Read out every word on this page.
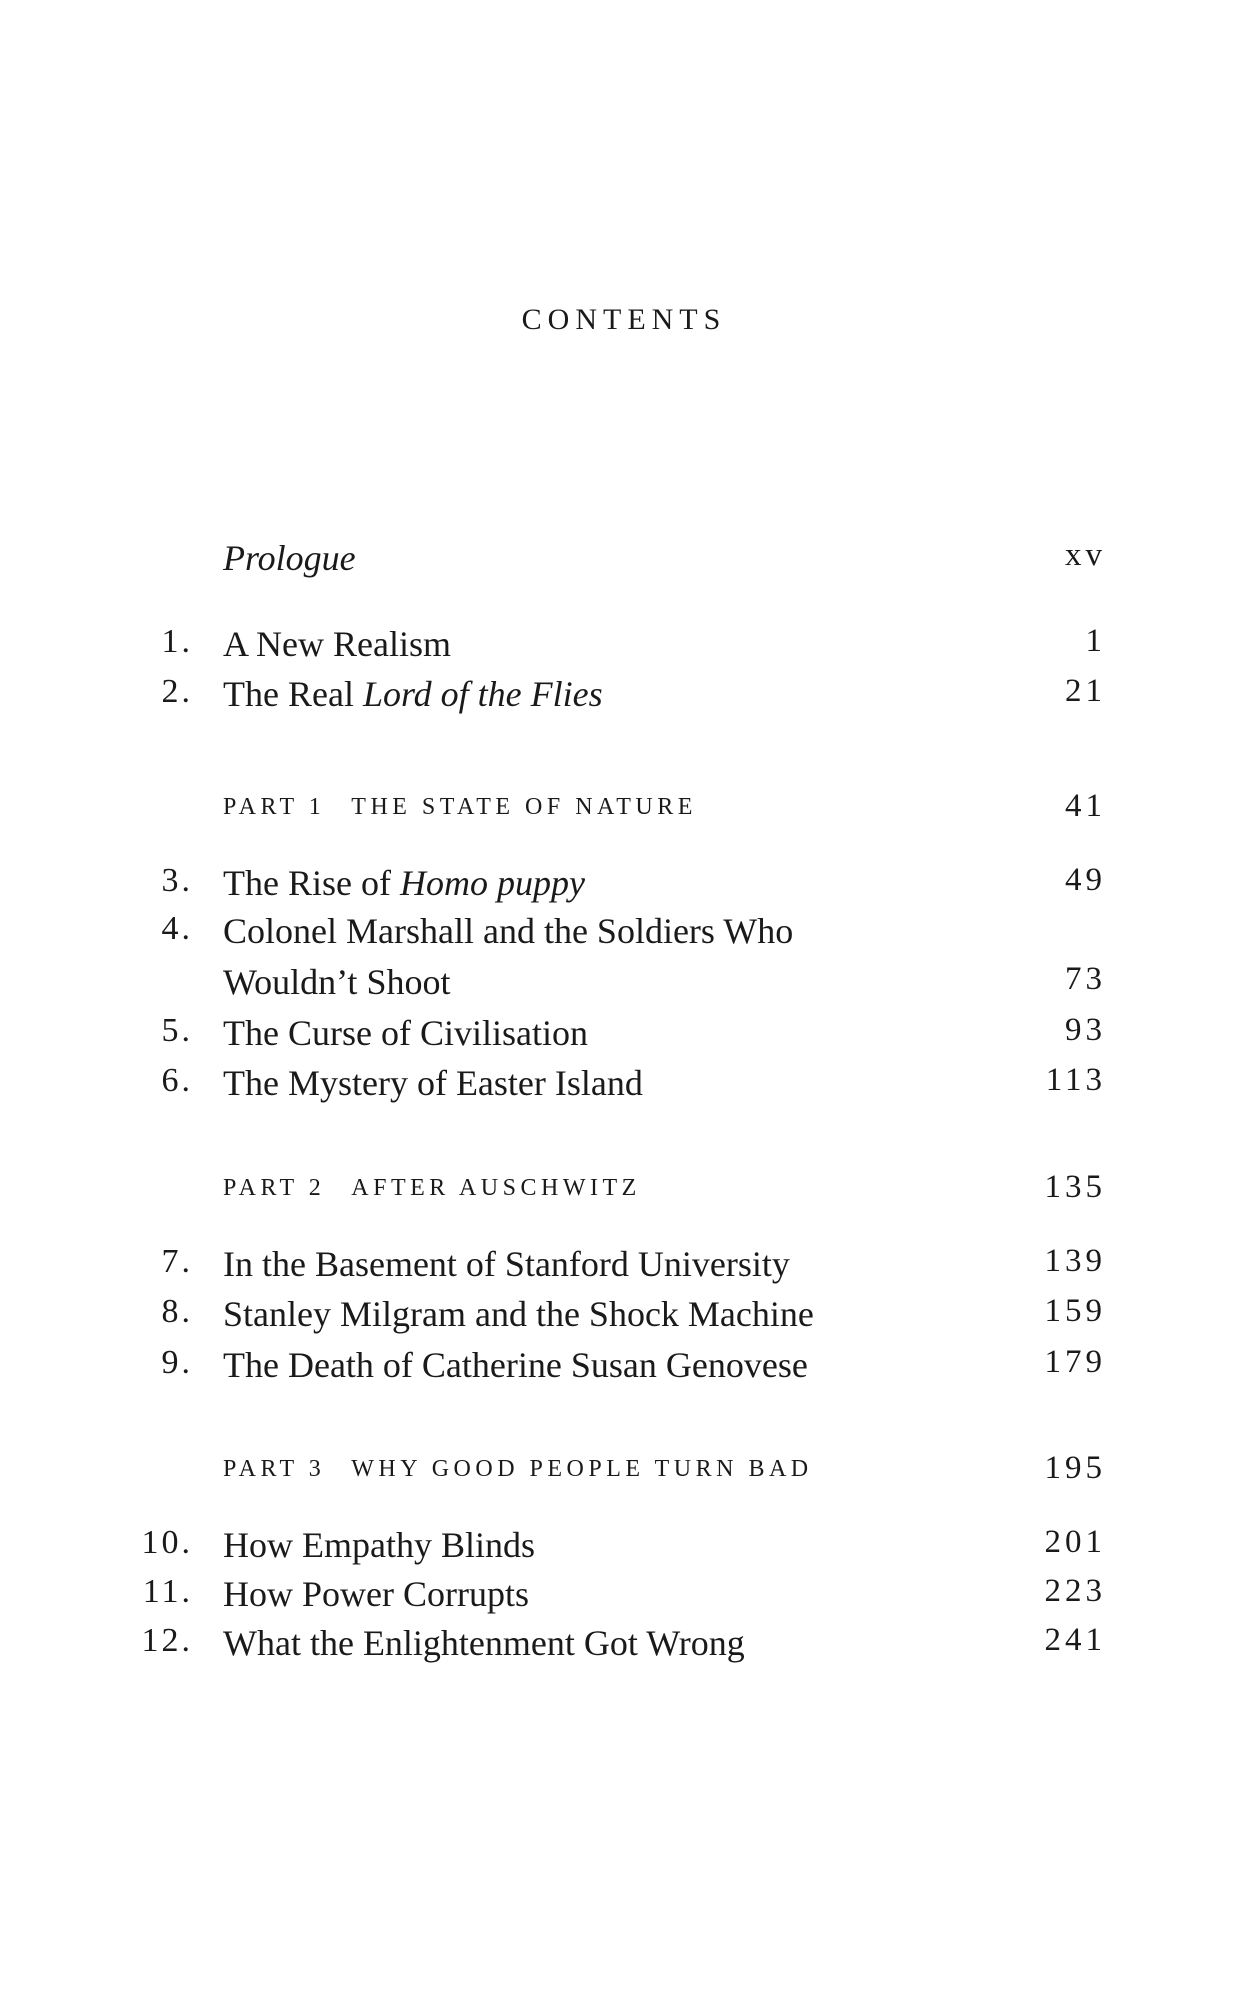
CONTENTS
Prologue	xv
1. A New Realism	1
2. The Real Lord of the Flies	21
PART 1 THE STATE OF NATURE	41
3. The Rise of Homo puppy	49
4. Colonel Marshall and the Soldiers Who
Wouldn’t Shoot	73
5. The Curse of Civilisation	93
6. The Mystery of Easter Island	113
PART 2 AFTER AUSCHWITZ	135
7. In the Basement of Stanford University	139
8. Stanley Milgram and the Shock Machine	159
9. The Death of Catherine Susan Genovese	179
PART 3 WHY GOOD PEOPLE TURN BAD	195
10. How Empathy Blinds	201
11. How Power Corrupts	223
12. What the Enlightenment Got Wrong	241
